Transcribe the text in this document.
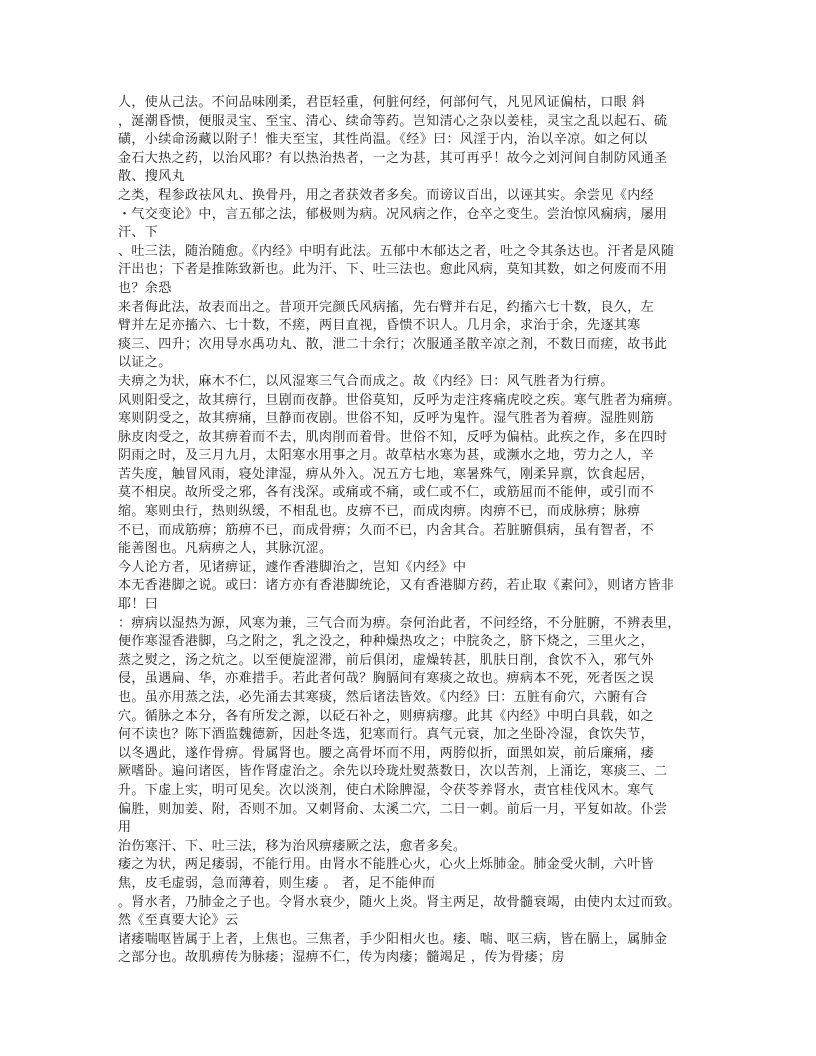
人，使从己法。不问品味刚柔，君臣轻重，何脏何经，何部何气，凡见风证偏枯，口眼 斜
，涎潮昏愦，便服灵宝、至宝、清心、续命等药。岂知清心之杂以姜桂，灵宝之乱以起石、硫
磺，小续命汤藏以附子！惟夫至宝，其性尚温。《经》曰：风淫于内，治以辛凉。如之何以
金石大热之药，以治风耶？有以热治热者，一之为甚，其可再乎！故今之刘河间自制防风通圣
散、搜风丸
之类，程参政祛风丸、换骨丹，用之者获效者多矣。而谤议百出，以诬其实。余尝见《内经
・气交变论》中，言五郁之法，郁极则为病。况风病之作，仓卒之变生。尝治惊风痫病，屡用
汗、下
、吐三法，随治随愈。《内经》中明有此法。五郁中木郁达之者，吐之令其条达也。汗者是风随
汗出也；下者是推陈致新也。此为汗、下、吐三法也。愈此风病，莫知其数，如之何废而不用
也？余恐
来者侮此法，故表而出之。昔项开完颜氏风病搐，先右臂并右足，约搐六七十数，良久，左
臂并左足亦搐六、七十数，不瘥，两目直视，昏愦不识人。几月余，求治于余，先逐其寒
痰三、四升；次用导水禹功丸、散，泄二十余行；次服通圣散辛凉之剂，不数日而瘥，故书此
以证之。
夫痹之为状，麻木不仁，以风湿寒三气合而成之。故《内经》曰：风气胜者为行痹。
风则阳受之，故其痹行，旦剧而夜静。世俗莫知，反呼为走注疼痛虎咬之疾。寒气胜者为痛痹。
寒则阴受之，故其痹痛，旦静而夜剧。世俗不知，反呼为鬼忤。湿气胜者为着痹。湿胜则筋
脉皮肉受之，故其痹着而不去，肌肉削而着骨。世俗不知，反呼为偏枯。此疾之作，多在四时
阴雨之时，及三月九月，太阳寒水用事之月。故草枯水寒为甚，或濒水之地，劳力之人，辛
苦失度，触冒风雨，寝处津湿，痹从外入。况五方七地，寒暑殊气，刚柔异禀，饮食起居，
莫不相戾。故所受之邪，各有浅深。或痛或不痛，或仁或不仁，或筋屈而不能伸，或引而不
缩。寒则虫行，热则纵缓，不相乱也。皮痹不已，而成肉痹。肉痹不已，而成脉痹；脉痹
不已，而成筋痹；筋痹不已，而成骨痹；久而不已，内舍其合。若脏腑俱病，虽有智者，不
能善图也。凡病痹之人，其脉沉涩。
今人论方者，见诸痹证，遽作香港脚治之，岂知《内经》中
本无香港脚之说。或曰：诸方亦有香港脚统论，又有香港脚方药，若止取《素问》，则诸方皆非
耶！曰
：痹病以湿热为源，风寒为兼，三气合而为痹。奈何治此者，不问经络，不分脏腑，不辨表里，
便作寒湿香港脚，乌之附之，乳之没之，种种燥热攻之；中脘灸之，脐下烧之，三里火之，
蒸之熨之，汤之炕之。以至便旋涩滞，前后俱闭，虚燥转甚，肌肤日削，食饮不入，邪气外
侵，虽遇扁、华，亦难措手。若此者何哉？胸膈间有寒痰之故也。痹病本不死，死者医之误
也。虽亦用蒸之法，必先涌去其寒痰，然后诸法皆效。《内经》曰：五脏有俞穴，六腑有合
穴。循脉之本分，各有所发之源，以砭石补之，则痹病瘳。此其《内经》中明白具载，如之
何不读也？陈下酒监魏德新，因赴冬选，犯寒而行。真气元衰，加之坐卧冷湿，食饮失节，
以冬遇此，遂作骨痹。骨属肾也。腰之高骨坏而不用，两胯似折，面黑如炭，前后廉痛，痿
厥嗜卧。遍问诸医，皆作肾虚治之。余先以玲珑灶熨蒸数日，次以苦剂，上涌讫，寒痰三、二
升。下虚上实，明可见矣。次以淡剂，使白术除脾湿，令茯苓养肾水，责官桂伐风木。寒气
偏胜，则加姜、附，否则不加。又刺肾俞、太溪二穴，二日一刺。前后一月，平复如故。仆尝
用
治伤寒汗、下、吐三法，移为治风痹痿厥之法，愈者多矣。
痿之为状，两足痿弱，不能行用。由肾水不能胜心火，心火上烁肺金。肺金受火制，六叶皆
焦，皮毛虚弱，急而薄着，则生痿 。 者，足不能伸而
。肾水者，乃肺金之子也。令肾水衰少，随火上炎。肾主两足，故骨髓衰竭，由使内太过而致。
然《至真要大论》云
诸痿喘呕皆属于上者，上焦也。三焦者，手少阳相火也。痿、喘、呕三病，皆在膈上，属肺金
之部分也。故肌痹传为脉痿；湿痹不仁，传为肉痿；髓竭足 ，传为骨痿；房
